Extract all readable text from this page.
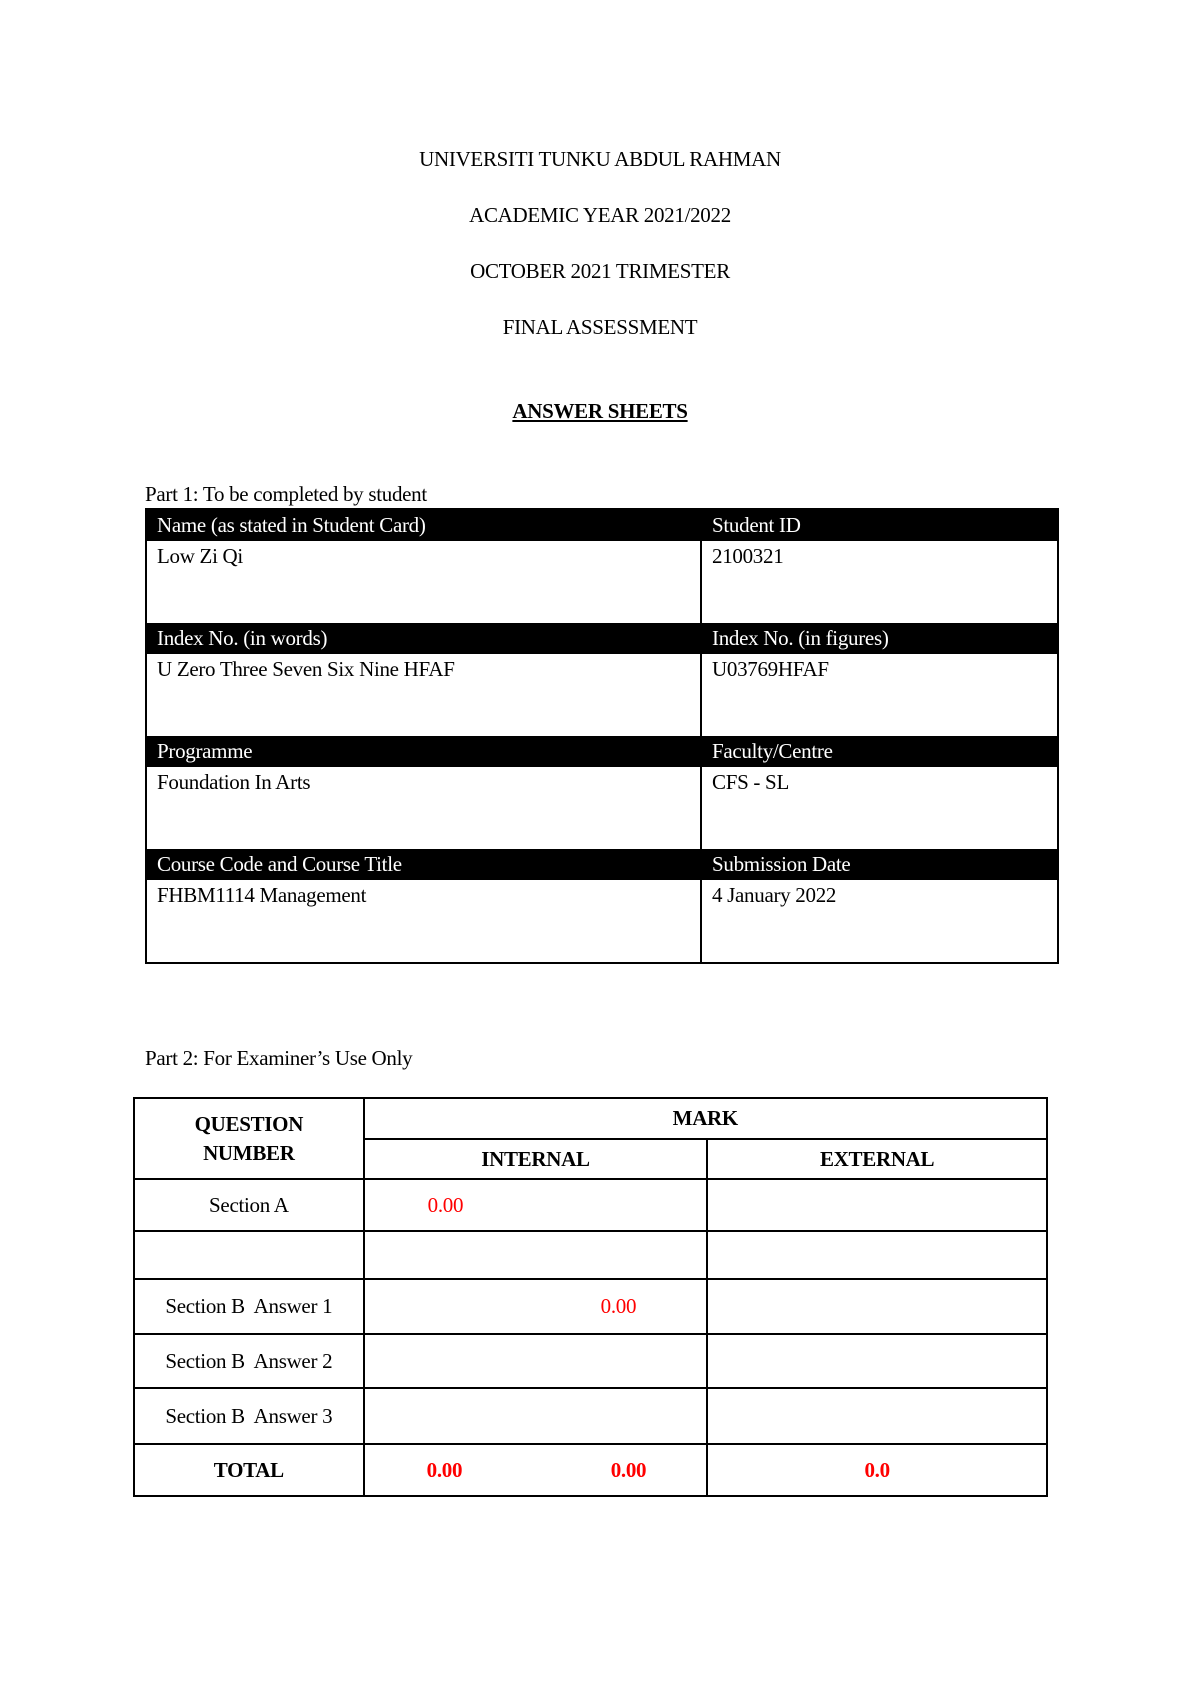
UNIVERSITI TUNKU ABDUL RAHMAN
ACADEMIC YEAR 2021/2022
OCTOBER 2021 TRIMESTER
FINAL ASSESSMENT
ANSWER SHEETS
Part 1: To be completed by student
Name (as stated in Student Card)	Student ID
Low Zi Qi	2100321
Index No. (in words)	Index No. (in figures)
U Zero Three Seven Six Nine HFAF	U03769HFAF
Programme	Faculty/Centre
Foundation In Arts	CFS - SL
Course Code and Course Title	Submission Date
FHBM1114 Management	4 January 2022
Part 2: For Examiner’s Use Only
QUESTION NUMBER	MARK	
	INTERNAL	EXTERNAL
Section A	0.00	

Section B  Answer 1	0.00	
Section B  Answer 2		
Section B  Answer 3		
TOTAL	0.00 0.00	0.0
